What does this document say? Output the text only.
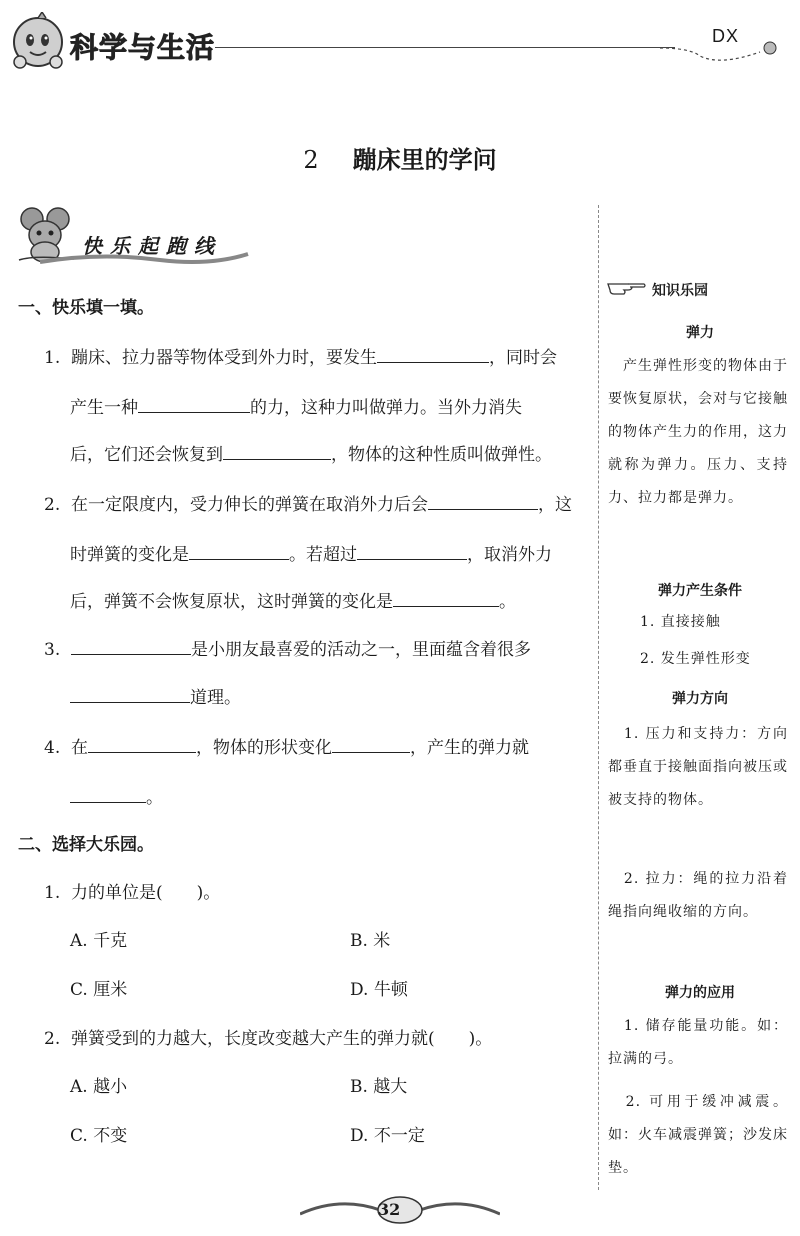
科学与生活	DX
2 蹦床里的学问
快乐起跑线
一、快乐填一填。
1. 蹦床、拉力器等物体受到外力时，要发生	，同时会
产生一种	的力，这种力叫做弹力。当外力消失
后，它们还会恢复到	，物体的这种性质叫做弹性。
2. 在一定限度内，受力伸长的弹簧在取消外力后会	，这
时弹簧的变化是	。若超过	，取消外力
后，弹簧不会恢复原状，这时弹簧的变化是	。
3.	是小朋友最喜爱的活动之一，里面蕴含着很多
道理。
4. 在	，物体的形状变化	，产生的弹力就
。
二、选择大乐园。
1. 力的单位是(　　)。
A. 千克	B. 米
C. 厘米	D. 牛顿
2. 弹簧受到的力越大，长度改变越大产生的弹力就(　　)。
A. 越小	B. 越大
C. 不变	D. 不一定
知识乐园
弹力
　产生弹性形变的物体由于要恢复原状，会对与它接触的物体产生力的作用，这力就称为弹力。压力、支持力、拉力都是弹力。
弹力产生条件
1. 直接接触
2. 发生弹性形变
弹力方向
　1. 压力和支持力：方向都垂直于接触面指向被压或被支持的物体。
　2. 拉力：绳的拉力沿着绳指向绳收缩的方向。
弹力的应用
　1. 储存能量功能。如：拉满的弓。
　2. 可用于缓冲减震。如：火车减震弹簧；沙发床垫。
32
